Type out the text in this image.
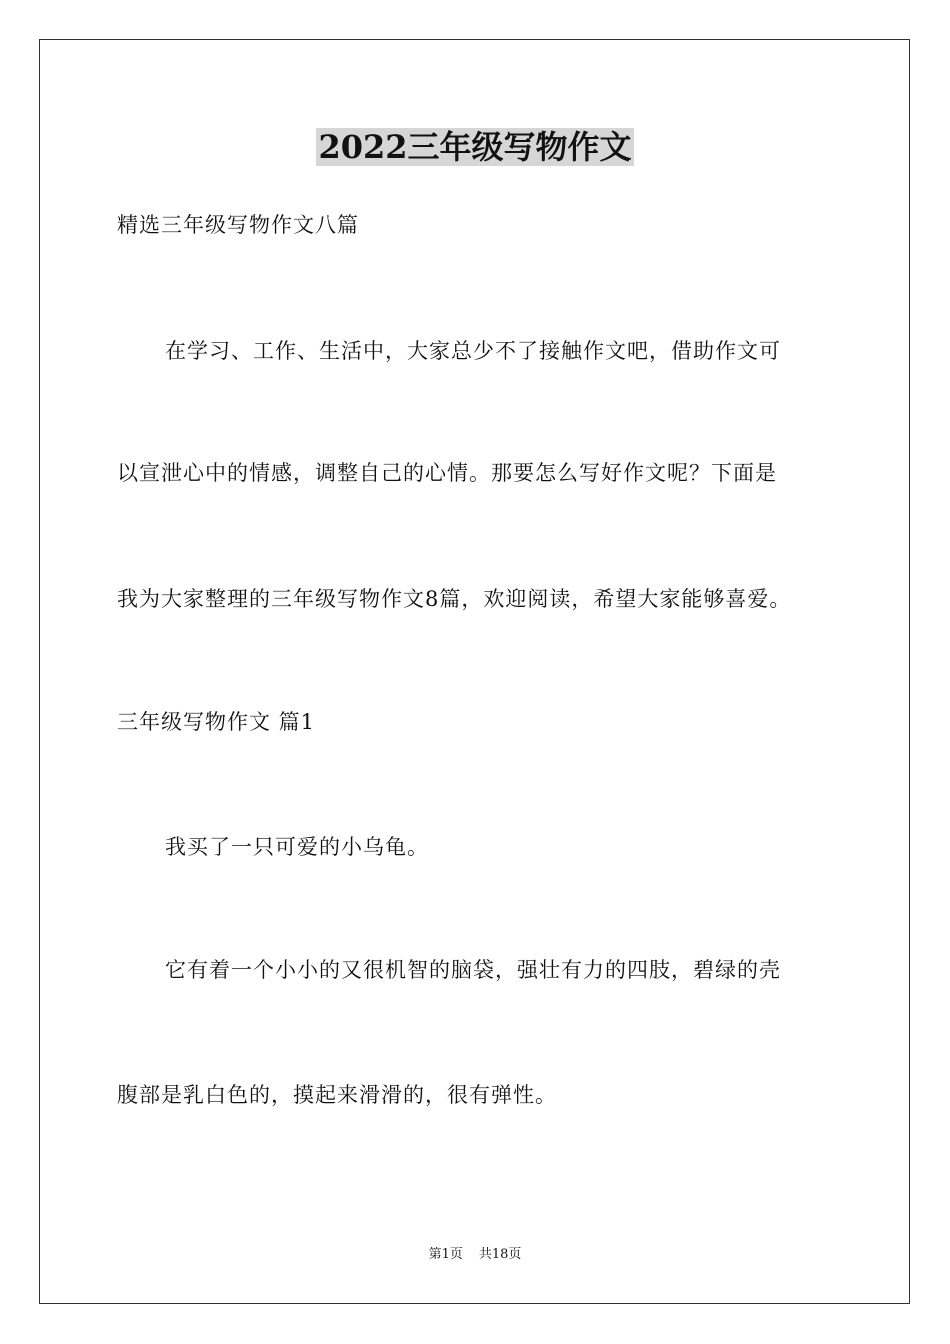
2022三年级写物作文
精选三年级写物作文八篇
在学习、工作、生活中，大家总少不了接触作文吧，借助作文可
以宣泄心中的情感，调整自己的心情。那要怎么写好作文呢？下面是
我为大家整理的三年级写物作文8篇，欢迎阅读，希望大家能够喜爱。
三年级写物作文 篇1
我买了一只可爱的小乌龟。
它有着一个小小的又很机智的脑袋，强壮有力的四肢，碧绿的壳
腹部是乳白色的，摸起来滑滑的，很有弹性。
第1页 共18页
